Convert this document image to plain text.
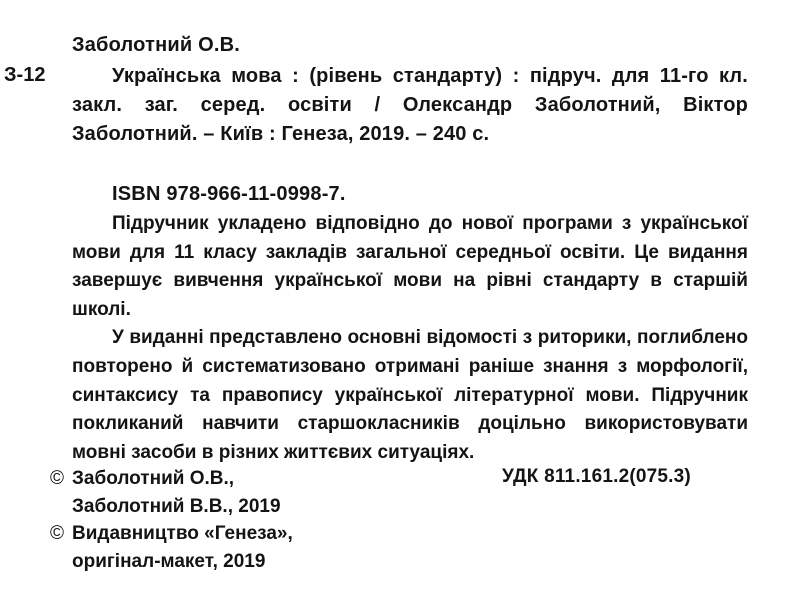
Заболотний О.В.
З-12	Українська мова : (рівень стандарту) : підруч. для 11-го кл. закл. заг. серед. освіти / Олександр Заболотний, Віктор Заболотний. – Київ : Генеза, 2019. – 240 с.

ISBN 978-966-11-0998-7.

Підручник укладено відповідно до нової програми з української мови для 11 класу закладів загальної середньої освіти. Це видання завершує вивчення української мови на рівні стандарту в старшій школі.

У виданні представлено основні відомості з риторики, поглиблено повторено й систематизовано отримані раніше знання з морфології, синтаксису та правопису української літературної мови. Підручник покликаний навчити старшокласників доцільно використовувати мовні засоби в різних життєвих ситуаціях.

УДК 811.161.2(075.3)
© Заболотний О.В.,
Заболотний В.В., 2019
© Видавництво «Генеза»,
оригінал-макет, 2019
